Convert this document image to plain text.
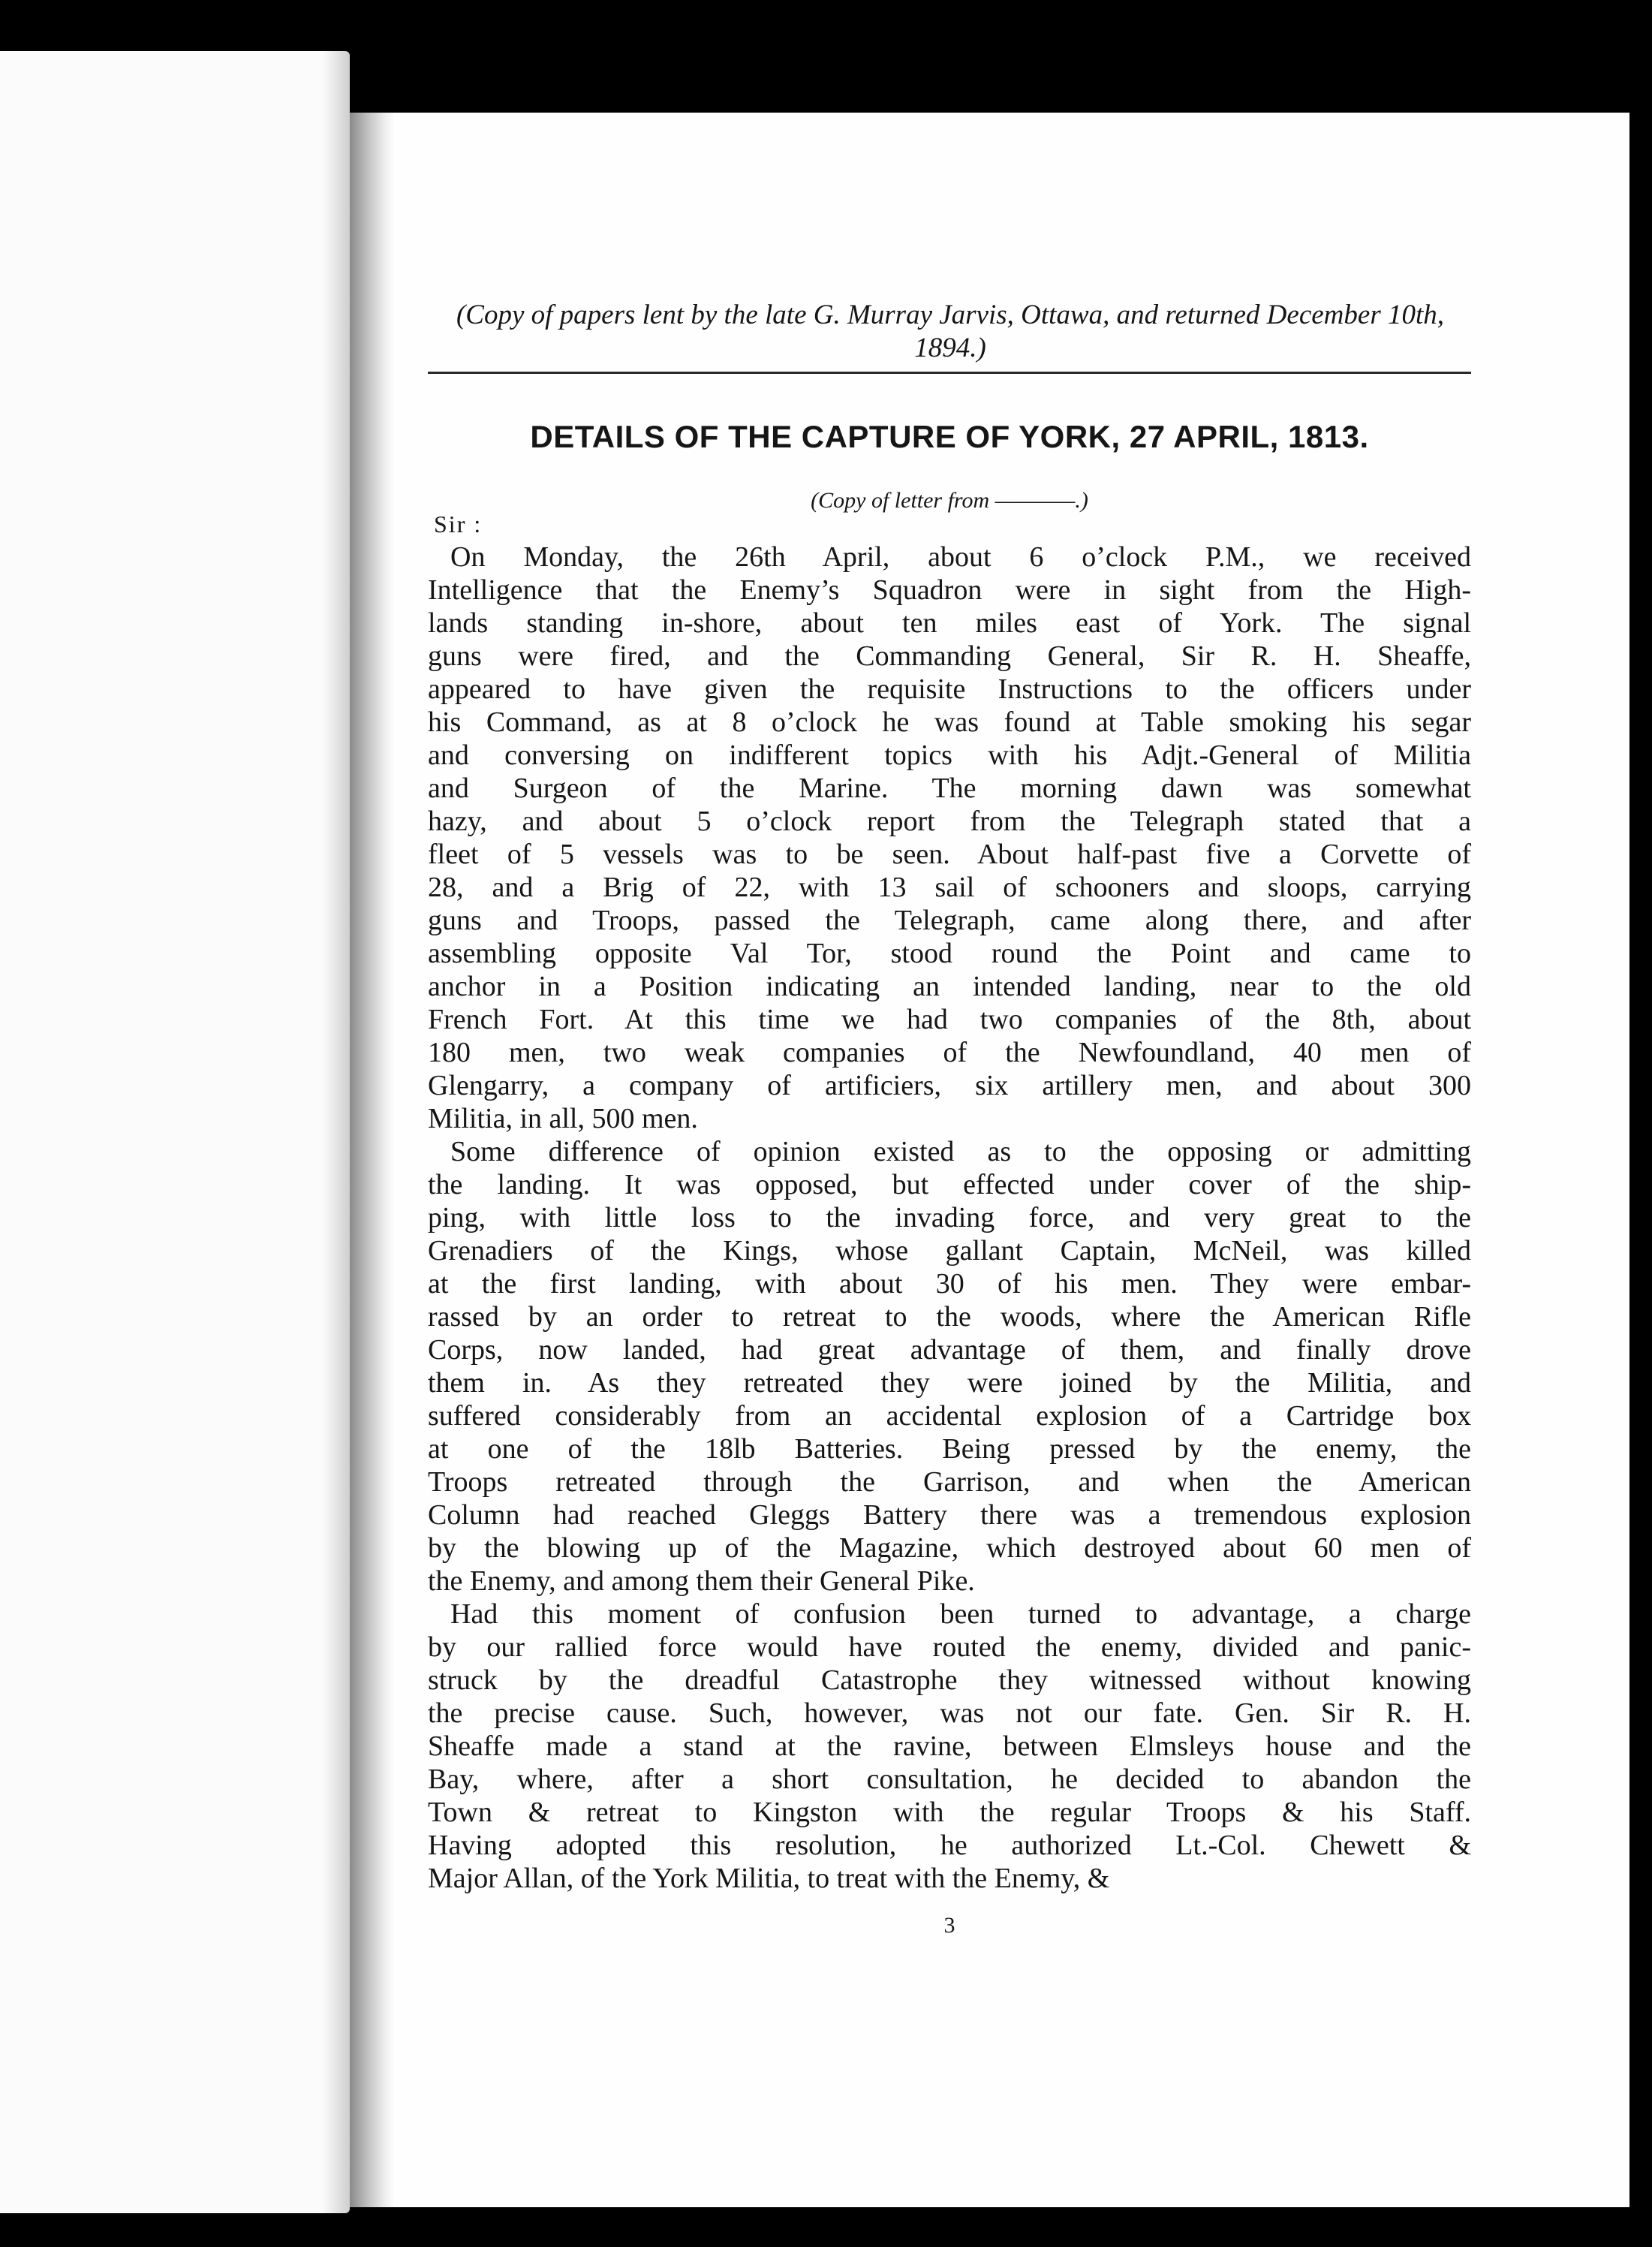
(Copy of papers lent by the late G. Murray Jarvis, Ottawa, and returned December 10th, 1894.)

DETAILS OF THE CAPTURE OF YORK, 27 APRIL, 1813.

(Copy of letter from ————.)

Sir :

On Monday, the 26th April, about 6 o’clock P.M., we received
Intelligence that the Enemy’s Squadron were in sight from the High-
lands standing in-shore, about ten miles east of York. The signal
guns were fired, and the Commanding General, Sir R. H. Sheaffe,
appeared to have given the requisite Instructions to the officers under
his Command, as at 8 o’clock he was found at Table smoking his segar
and conversing on indifferent topics with his Adjt.-General of Militia
and Surgeon of the Marine. The morning dawn was somewhat
hazy, and about 5 o’clock report from the Telegraph stated that a
fleet of 5 vessels was to be seen. About half-past five a Corvette of
28, and a Brig of 22, with 13 sail of schooners and sloops, carrying
guns and Troops, passed the Telegraph, came along there, and after
assembling opposite Val Tor, stood round the Point and came to
anchor in a Position indicating an intended landing, near to the old
French Fort. At this time we had two companies of the 8th, about
180 men, two weak companies of the Newfoundland, 40 men of
Glengarry, a company of artificiers, six artillery men, and about 300
Militia, in all, 500 men.

Some difference of opinion existed as to the opposing or admitting
the landing. It was opposed, but effected under cover of the ship-
ping, with little loss to the invading force, and very great to the
Grenadiers of the Kings, whose gallant Captain, McNeil, was killed
at the first landing, with about 30 of his men. They were embar-
rassed by an order to retreat to the woods, where the American Rifle
Corps, now landed, had great advantage of them, and finally drove
them in. As they retreated they were joined by the Militia, and
suffered considerably from an accidental explosion of a Cartridge box
at one of the 18lb Batteries. Being pressed by the enemy, the
Troops retreated through the Garrison, and when the American
Column had reached Gleggs Battery there was a tremendous explosion
by the blowing up of the Magazine, which destroyed about 60 men of
the Enemy, and among them their General Pike.

Had this moment of confusion been turned to advantage, a charge
by our rallied force would have routed the enemy, divided and panic-
struck by the dreadful Catastrophe they witnessed without knowing
the precise cause. Such, however, was not our fate. Gen. Sir R. H.
Sheaffe made a stand at the ravine, between Elmsleys house and the
Bay, where, after a short consultation, he decided to abandon the
Town & retreat to Kingston with the regular Troops & his Staff.
Having adopted this resolution, he authorized Lt.-Col. Chewett &
Major Allan, of the York Militia, to treat with the Enemy, &

3
